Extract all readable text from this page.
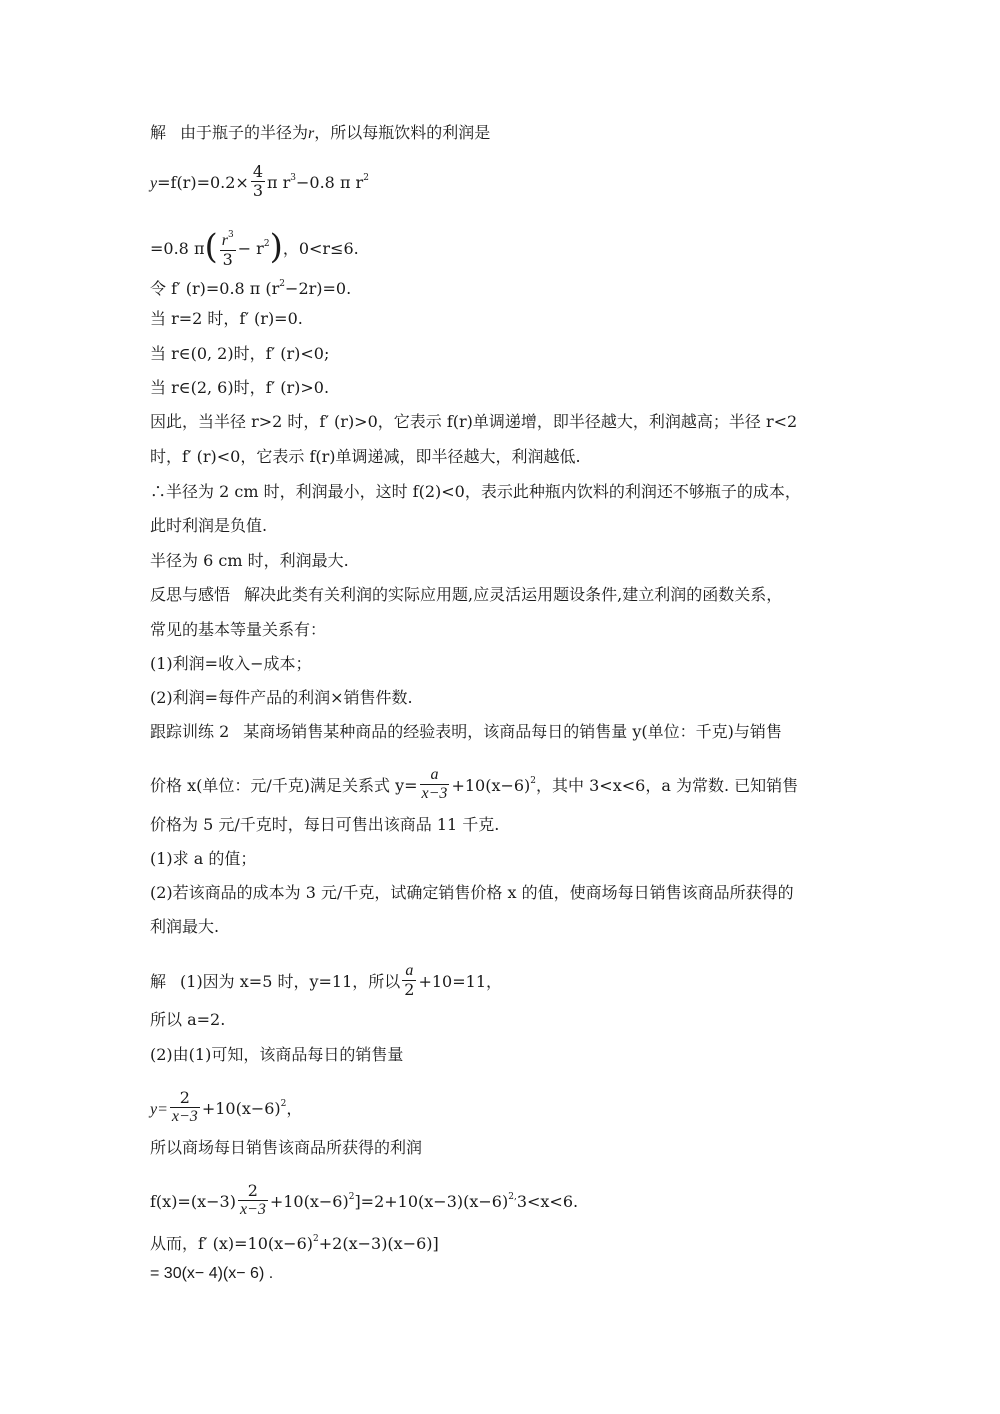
解 由于瓶子的半径为r，所以每瓶饮料的利润是
$y=f(r)=0.2\times \frac{4}{3}$ π $r^3-0.8$ π $r^2$
=0.8 $\pi( \frac{r^3}{3} - r^2)$，0<r≤6.
令 f′ (r)=0.8 π $(r^2-2r)=0$.
当 r=2 时，f′ (r)=0.
当 r∈(0, 2)时，f′ (r)<0;
当 r∈(2, 6)时，f′ (r)>0.
因此，当半径 r>2 时，f′ (r)>0，它表示 f(r)单调递增，即半径越大，利润越高；半径 r<2
时，f′ (r)<0，它表示 f(r)单调递减，即半径越大，利润越低.
∴半径为 2 cm 时，利润最小，这时 f(2)<0，表示此种瓶内饮料的利润还不够瓶子的成本，
此时利润是负值.
半径为 6 cm 时，利润最大.
反思与感悟 解决此类有关利润的实际应用题,应灵活运用题设条件,建立利润的函数关系，
常见的基本等量关系有：
(1)利润=收入−成本；
(2)利润=每件产品的利润×销售件数.
跟踪训练 2 某商场销售某种商品的经验表明，该商品每日的销售量 y(单位：千克)与销售
价格 x(单位：元/千克)满足关系式 $y= \frac{a}{x-3} +10(x-6)^2$，其中 3<x<6，a 为常数. 已知销售
价格为 5 元/千克时，每日可售出该商品 11 千克.
(1)求 a 的值；
(2)若该商品的成本为 3 元/千克，试确定销售价格 x 的值，使商场每日销售该商品所获得的
利润最大.
解 (1)因为 x=5 时，y=11，所以 $\frac{a}{2} +10=11$，
所以 a=2.
(2)由(1)可知，该商品每日的销售量
$y= \frac{2}{x-3} +10(x-6)^2$，
所以商场每日销售该商品所获得的利润
$f(x)=(x-3) \frac{2}{x-3} +10(x-6)^2]=2+10(x-3)(x-6)^{2,}3<x<6$.
从而，f′ $(x)=10(x-6)^2+2(x-3)(x-6)$]
= 30(x− 4)(x− 6) .
